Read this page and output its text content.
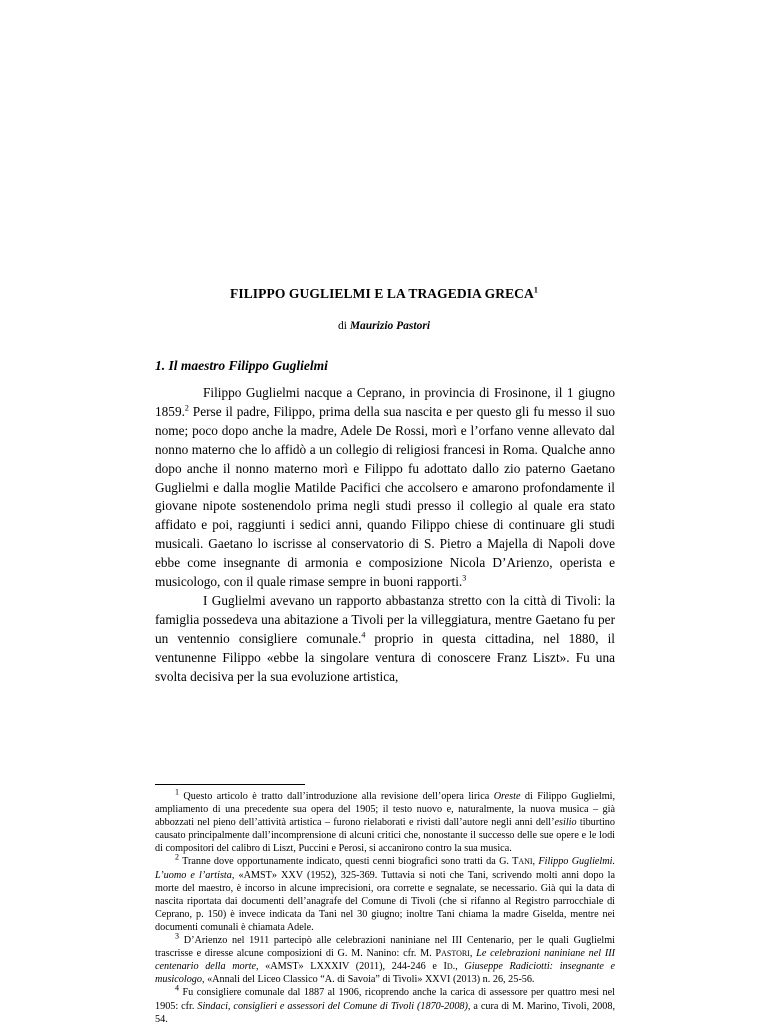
FILIPPO GUGLIELMI E LA TRAGEDIA GRECA$^1$
di Maurizio Pastori
1. Il maestro Filippo Guglielmi

Filippo Guglielmi nacque a Ceprano, in provincia di Frosinone, il 1 giugno 1859.$^2$ Perse il padre, Filippo, prima della sua nascita e per questo gli fu messo il suo nome; poco dopo anche la madre, Adele De Rossi, morì e l’orfano venne allevato dal nonno materno che lo affidò a un collegio di religiosi francesi in Roma. Qualche anno dopo anche il nonno materno morì e Filippo fu adottato dallo zio paterno Gaetano Guglielmi e dalla moglie Matilde Pacifici che accolsero e amarono profondamente il giovane nipote sostenendolo prima negli studi presso il collegio al quale era stato affidato e poi, raggiunti i sedici anni, quando Filippo chiese di continuare gli studi musicali. Gaetano lo iscrisse al conservatorio di S. Pietro a Majella di Napoli dove ebbe come insegnante di armonia e composizione Nicola D’Arienzo, operista e musicologo, con il quale rimase sempre in buoni rapporti.$^3$

I Guglielmi avevano un rapporto abbastanza stretto con la città di Tivoli: la famiglia possedeva una abitazione a Tivoli per la villeggiatura, mentre Gaetano fu per un ventennio consigliere comunale.$^4$ proprio in questa cittadina, nel 1880, il ventunenne Filippo «ebbe la singolare ventura di conoscere Franz Liszt». Fu una svolta decisiva per la sua evoluzione artistica,

$^1$ Questo articolo è tratto dall’introduzione alla revisione dell’opera lirica Oreste di Filippo Guglielmi, ampliamento di una precedente sua opera del 1905; il testo nuovo e, naturalmente, la nuova musica – già abbozzati nel pieno dell’attività artistica – furono rielaborati e rivisti dall’autore negli anni dell’esilio tiburtino causato principalmente dall’incomprensione di alcuni critici che, nonostante il successo delle sue opere e le lodi di compositori del calibro di Liszt, Puccini e Perosi, si accanirono contro la sua musica.

$^2$ Tranne dove opportunamente indicato, questi cenni biografici sono tratti da G. TANI, Filippo Guglielmi. L’uomo e l’artista, «AMST» XXV (1952), 325-369. Tuttavia si noti che Tani, scrivendo molti anni dopo la morte del maestro, è incorso in alcune imprecisioni, ora corrette e segnalate, se necessario. Già qui la data di nascita riportata dai documenti dell’anagrafe del Comune di Tivoli (che si rifanno al Registro parrocchiale di Ceprano, p. 150) è invece indicata da Tani nel 30 giugno; inoltre Tani chiama la madre Giselda, mentre nei documenti comunali è chiamata Adele.

$^3$ D’Arienzo nel 1911 partecipò alle celebrazioni naniniane nel III Centenario, per le quali Guglielmi trascrisse e diresse alcune composizioni di G. M. Nanino: cfr. M. PASTORI, Le celebrazioni naniniane nel III centenario della morte, «AMST» LXXXIV (2011), 244-246 e ID., Giuseppe Radiciotti: insegnante e musicologo, «Annali del Liceo Classico “A. di Savoia” di Tivoli» XXVI (2013) n. 26, 25-56.

$^4$ Fu consigliere comunale dal 1887 al 1906, ricoprendo anche la carica di assessore per quattro mesi nel 1905: cfr. Sindaci, consiglieri e assessori del Comune di Tivoli (1870-2008), a cura di M. Marino, Tivoli, 2008, 54.
